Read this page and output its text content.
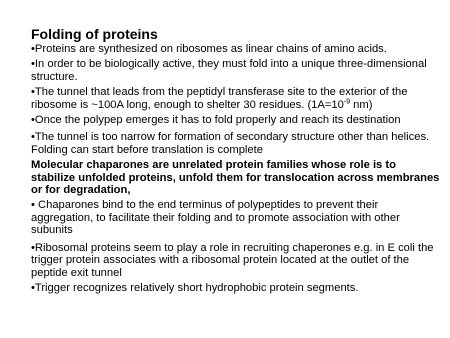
Folding of proteins

•Proteins are synthesized on ribosomes as linear chains of amino acids.

•In order to be biologically active, they must fold into a unique three-dimensional structure.

•The tunnel that leads from the peptidyl transferase site to the exterior of the ribosome is ~100A long, enough to shelter 30 residues. ($1A=10^{-9}$ nm)

•Once the polypep emerges it has to fold properly and reach its destination

•The tunnel is too narrow for formation of secondary structure other than helices. Folding can start before translation is complete

Molecular chaparones are unrelated protein families whose role is to stabilize unfolded proteins, unfold them for translocation across membranes or for degradation,

• Chaparones bind to the end terminus of polypeptides to prevent their aggregation, to facilitate their folding and to promote association with other subunits

•Ribosomal proteins seem to play a role in recruiting chaperones e.g. in E coli the trigger protein associates with a ribosomal protein located at the outlet of the peptide exit tunnel

•Trigger recognizes relatively short hydrophobic protein segments.
